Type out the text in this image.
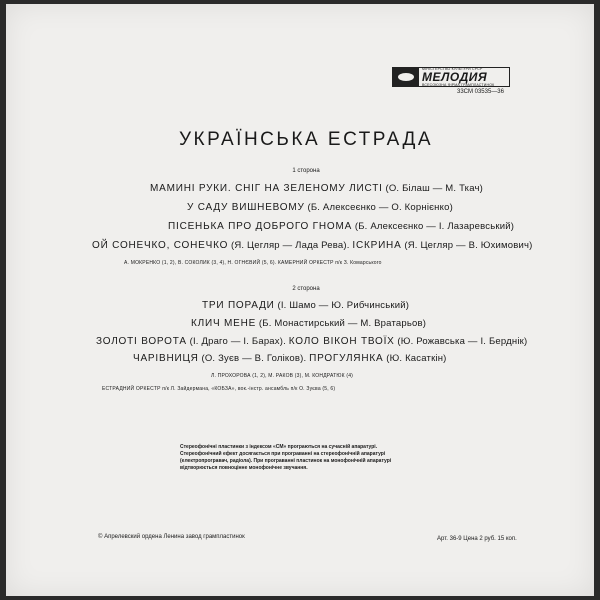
МІНІСТЕРСТВО КУЛЬТУРИ СРСР
МЕЛОДИЯ
ВСЕСОЮЗНА ФІРМА ГРАМПЛАСТИНОК
33СМ 03535—36
УКРАЇНСЬКА ЕСТРАДА
1 сторона
МАМИНІ РУКИ. СНІГ НА ЗЕЛЕНОМУ ЛИСТІ (О. Білаш — М. Ткач)
У САДУ ВИШНЕВОМУ (Б. Алексеєнко — О. Корнієнко)
ПІСЕНЬКА ПРО ДОБРОГО ГНОМА (Б. Алексеєнко — І. Лазаревський)
ОЙ СОНЕЧКО, СОНЕЧКО (Я. Цегляр — Лада Рева). ІСКРИНА (Я. Цегляр — В. Юхимович)
А. МОКРЕНКО (1, 2), В. СОКОЛИК (3, 4), Н. ОГНЄВИЙ (5, 6). КАМЕРНИЙ ОРКЕСТР п/к З. Комарського
2 сторона
ТРИ ПОРАДИ (І. Шамо — Ю. Рибчинський)
КЛИЧ МЕНЕ (Б. Монастирський — М. Вратарьов)
ЗОЛОТІ ВОРОТА (І. Драго — І. Барах). КОЛО ВІКОН ТВОЇХ (Ю. Рожавська — І. Берднік)
ЧАРІВНИЦЯ (О. Зуєв — В. Голіков). ПРОГУЛЯНКА (Ю. Касаткін)
Л. ПРОХОРОВА (1, 2), М. РАКОВ (3), М. КОНДРАТЮК (4)
ЕСТРАДНИЙ ОРКЕСТР п/к Л. Зайдермана, «КОБЗА», вок.-інстр. ансамбль п/к О. Зуєва (5, 6)
Стереофонічні пластинки з індексом «СМ» програються на сучасній апаратурі. Стереофонічний ефект досягається при програванні на стереофонічній апаратурі (електропрогравач, радіола). При програванні пластинок на монофонічній апаратурі відтворюється повноцінне монофонічне звучання.
© Апрелевский ордена Ленина завод грампластинок	Арт. 36-9 Цена 2 руб. 15 коп.
